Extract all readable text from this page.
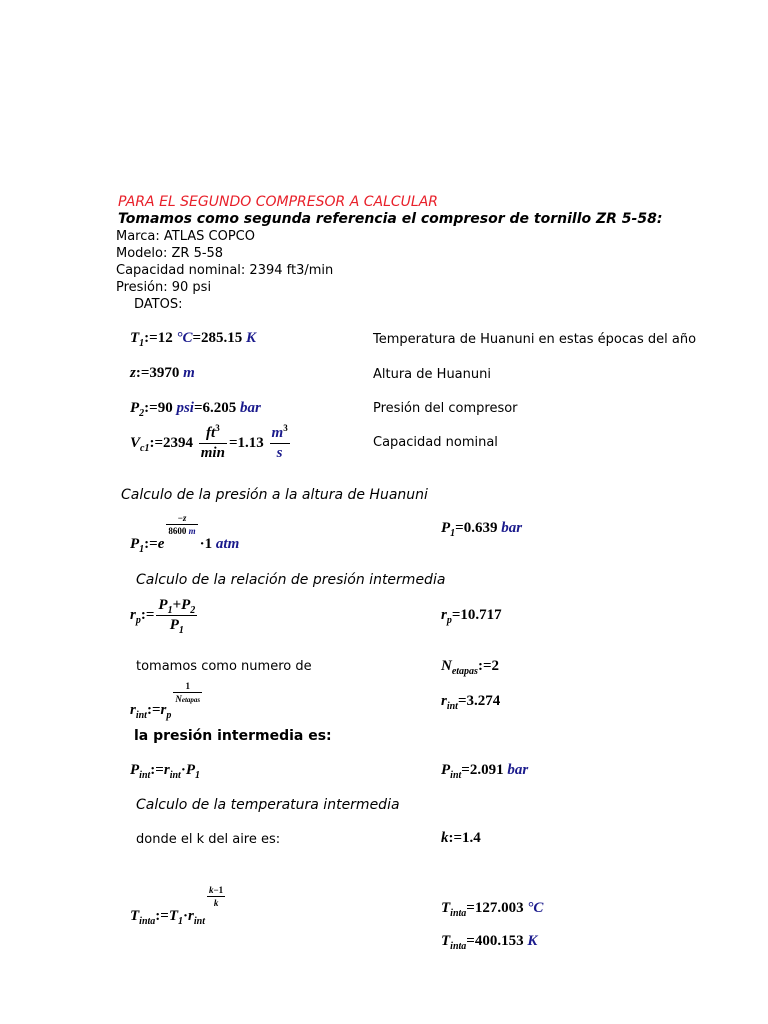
PARA EL SEGUNDO COMPRESOR A CALCULAR
Tomamos como segunda referencia el compresor de tornillo ZR 5-58:
Marca: ATLAS COPCO
Modelo: ZR 5-58
Capacidad nominal: 2394 ft3/min
Presión: 90 psi
DATOS:
$T_1:=12$ °C=285.15 K	Temperatura de Huanuni en estas épocas del año
z:=3970 m	Altura de Huanuni
$P_2:=90$ psi=6.205 bar	Presión del compresor
$V_{c1}:=2394 \frac{ft^3}{\min} =1.13 \frac{m^3}{s}$	Capacidad nominal
Calculo de la presión a la altura de Huanuni
$P_1:=e$
$\frac{-z}{8600 m}$
·1 atm
$P_1=0.639$ bar
Calculo de la relación de presión intermedia
$r_p:= \frac{P_1+P_2}{P_1}$	$r_p=10.717$
tomamos como numero de	$N_{etapas}:=2$
$r_{int}:=r_p$
$\frac{1}{\text{Netapas}}$	$r_{int}=3.274$
la presión intermedia es:
$P_{int}:=r_{int}\cdot P_1$	$P_{int}=2.091$ bar
Calculo de la temperatura intermedia
donde el k del aire es:	k:=1.4
$T_{inta}:=T_1\cdot r_{int}$
$\frac{k-1}{k}$	$T_{inta}=127.003$ °C
$T_{inta}=400.153$ K
